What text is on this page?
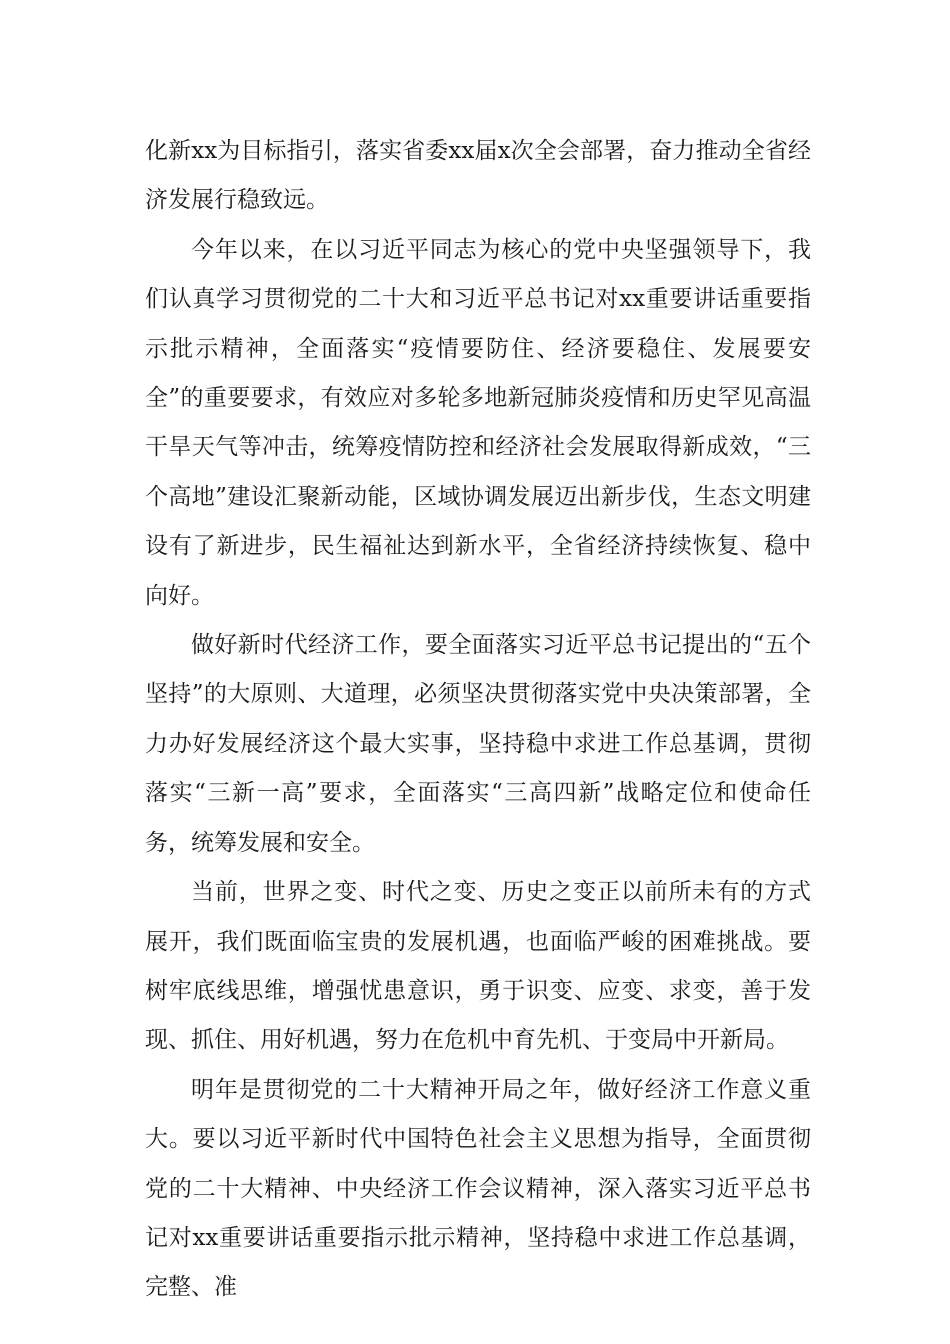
化新xx为目标指引，落实省委xx届x次全会部署，奋力推动全省经济发展行稳致远。

今年以来，在以习近平同志为核心的党中央坚强领导下，我们认真学习贯彻党的二十大和习近平总书记对xx重要讲话重要指示批示精神，全面落实“疫情要防住、经济要稳住、发展要安全”的重要要求，有效应对多轮多地新冠肺炎疫情和历史罕见高温干旱天气等冲击，统筹疫情防控和经济社会发展取得新成效，“三个高地”建设汇聚新动能，区域协调发展迈出新步伐，生态文明建设有了新进步，民生福祉达到新水平，全省经济持续恢复、稳中向好。

做好新时代经济工作，要全面落实习近平总书记提出的“五个坚持”的大原则、大道理，必须坚决贯彻落实党中央决策部署，全力办好发展经济这个最大实事，坚持稳中求进工作总基调，贯彻落实“三新一高”要求，全面落实“三高四新”战略定位和使命任务，统筹发展和安全。

当前，世界之变、时代之变、历史之变正以前所未有的方式展开，我们既面临宝贵的发展机遇，也面临严峻的困难挑战。要树牢底线思维，增强忧患意识，勇于识变、应变、求变，善于发现、抓住、用好机遇，努力在危机中育先机、于变局中开新局。

明年是贯彻党的二十大精神开局之年，做好经济工作意义重大。要以习近平新时代中国特色社会主义思想为指导，全面贯彻党的二十大精神、中央经济工作会议精神，深入落实习近平总书记对xx重要讲话重要指示批示精神，坚持稳中求进工作总基调，完整、准
